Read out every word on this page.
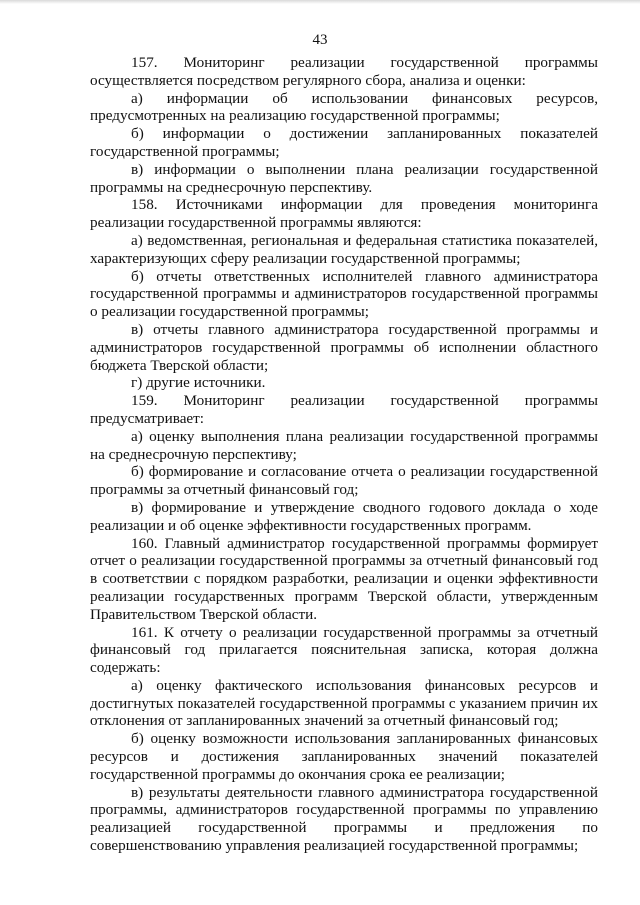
43

157. Мониторинг реализации государственной программы осуществляется посредством регулярного сбора, анализа и оценки:

а) информации об использовании финансовых ресурсов, предусмотренных на реализацию государственной программы;

б) информации о достижении запланированных показателей государственной программы;

в) информации о выполнении плана реализации государственной программы на среднесрочную перспективу.

158. Источниками информации для проведения мониторинга реализации государственной программы являются:

а) ведомственная, региональная и федеральная статистика показателей, характеризующих сферу реализации государственной программы;

б) отчеты ответственных исполнителей главного администратора государственной программы и администраторов государственной программы о реализации государственной программы;

в) отчеты главного администратора государственной программы и администраторов государственной программы об исполнении областного бюджета Тверской области;

г) другие источники.

159. Мониторинг реализации государственной программы предусматривает:

а) оценку выполнения плана реализации государственной программы на среднесрочную перспективу;

б) формирование и согласование отчета о реализации государственной программы за отчетный финансовый год;

в) формирование и утверждение сводного годового доклада о ходе реализации и об оценке эффективности государственных программ.

160. Главный администратор государственной программы формирует отчет о реализации государственной программы за отчетный финансовый год в соответствии с порядком разработки, реализации и оценки эффективности реализации государственных программ Тверской области, утвержденным Правительством Тверской области.

161. К отчету о реализации государственной программы за отчетный финансовый год прилагается пояснительная записка, которая должна содержать:

а) оценку фактического использования финансовых ресурсов и достигнутых показателей государственной программы с указанием причин их отклонения от запланированных значений за отчетный финансовый год;

б) оценку возможности использования запланированных финансовых ресурсов и достижения запланированных значений показателей государственной программы до окончания срока ее реализации;

в) результаты деятельности главного администратора государственной программы, администраторов государственной программы по управлению реализацией государственной программы и предложения по совершенствованию управления реализацией государственной программы;
